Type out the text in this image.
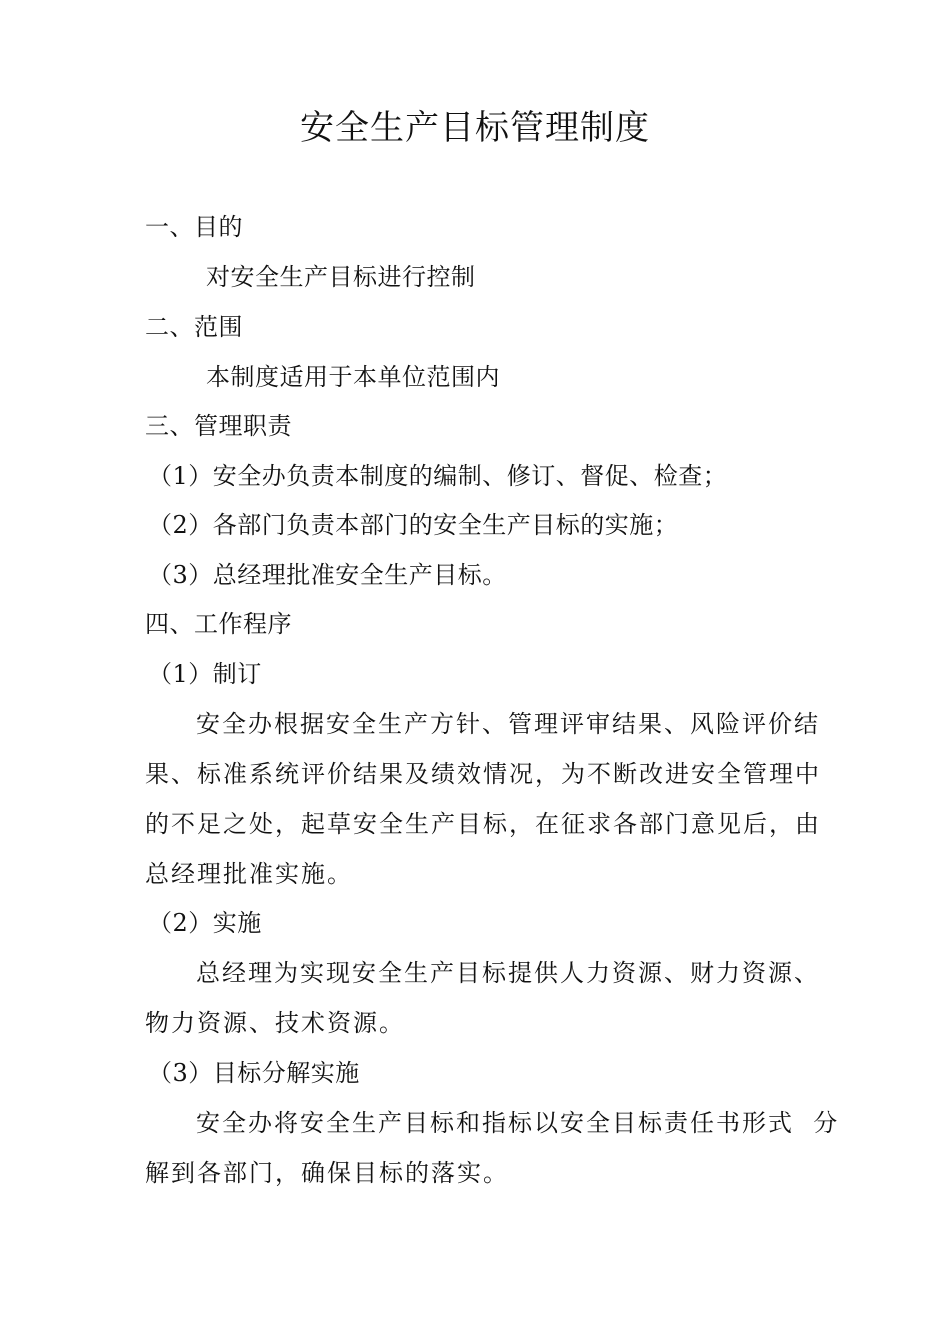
安全生产目标管理制度
一、目的
对安全生产目标进行控制
二、范围
本制度适用于本单位范围内
三、管理职责
（1）安全办负责本制度的编制、修订、督促、检查；
（2）各部门负责本部门的安全生产目标的实施；
（3）总经理批准安全生产目标。
四、工作程序
（1）制订
安全办根据安全生产方针、管理评审结果、风险评价结
果、标准系统评价结果及绩效情况，为不断改进安全管理中
的不足之处，起草安全生产目标，在征求各部门意见后，由
总经理批准实施。
（2）实施
总经理为实现安全生产目标提供人力资源、财力资源、
物力资源、技术资源。
（3）目标分解实施
安全办将安全生产目标和指标以安全目标责任书形式  分
解到各部门，确保目标的落实。
